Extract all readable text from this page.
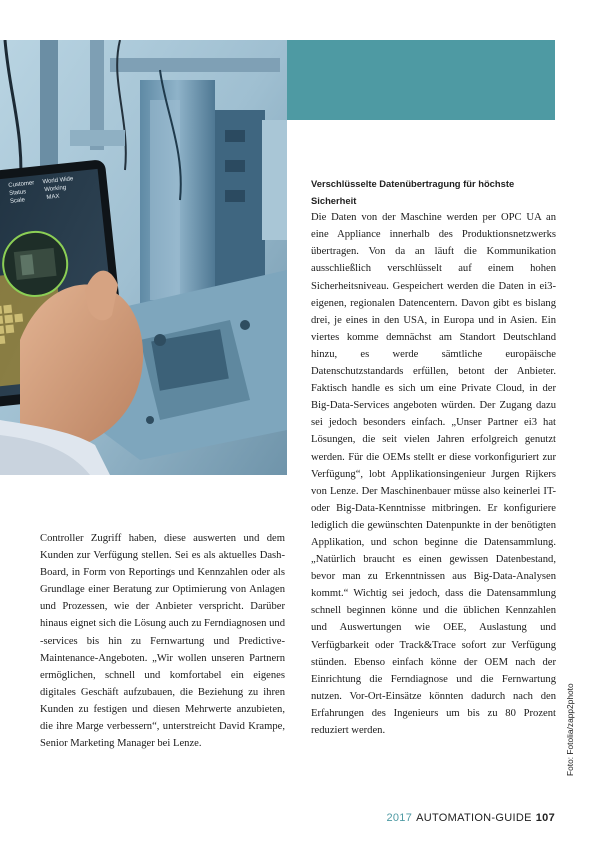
Customer World Wide
Status	Working
Scale	MAX

Controller Zugriff haben, diese auswerten und dem Kunden zur Verfügung stellen. Sei es als aktuelles Dash-Board, in Form von Reportings und Kennzahlen oder als Grundlage einer Beratung zur Optimierung von Anlagen und Prozessen, wie der Anbieter verspricht. Darüber hinaus eignet sich die Lösung auch zu Ferndiagnosen und -services bis hin zu Fernwartung und Predictive-Maintenance-Angeboten. „Wir wollen unseren Partnern ermöglichen, schnell und komfortabel ein eigenes digitales Geschäft aufzubauen, die Beziehung zu ihren Kunden zu festigen und diesen Mehrwerte anzubieten, die ihre Marge verbessern“, unterstreicht David Krampe, Senior Marketing Manager bei Lenze.

Verschlüsselte Datenübertragung für höchste Sicherheit

Die Daten von der Maschine werden per OPC UA an eine Appliance innerhalb des Produktionsnetzwerks übertragen. Von da an läuft die Kommunikation ausschließlich verschlüsselt auf einem hohen Sicherheitsniveau. Gespeichert werden die Daten in ei3-eigenen, regionalen Datencentern. Davon gibt es bislang drei, je eines in den USA, in Europa und in Asien. Ein viertes komme demnächst am Standort Deutschland hinzu, es werde sämtliche europäische Datenschutzstandards erfüllen, betont der Anbieter. Faktisch handle es sich um eine Private Cloud, in der Big-Data-Services angeboten würden. Der Zugang dazu sei jedoch besonders einfach. „Unser Partner ei3 hat Lösungen, die seit vielen Jahren erfolgreich genutzt werden. Für die OEMs stellt er diese vorkonfiguriert zur Verfügung“, lobt Applikationsingenieur Jurgen Rijkers von Lenze. Der Maschinenbauer müsse also keinerlei IT- oder Big-Data-Kenntnisse mitbringen. Er konfiguriere lediglich die gewünschten Datenpunkte in der benötigten Applikation, und schon beginne die Datensammlung. „Natürlich braucht es einen gewissen Datenbestand, bevor man zu Erkenntnissen aus Big-Data-Analysen kommt.“ Wichtig sei jedoch, dass die Datensammlung schnell beginnen könne und die üblichen Kennzahlen und Auswertungen wie OEE, Auslastung und Verfügbarkeit oder Track&Trace sofort zur Verfügung stünden. Ebenso einfach könne der OEM nach der Einrichtung die Ferndiagnose und die Fernwartung nutzen. Vor-Ort-Einsätze könnten dadurch nach den Erfahrungen des Ingenieurs um bis zu 80 Prozent reduziert werden.	Foto: Fotolia/zapp2photo
2017 AUTOMATION-GUIDE 107
